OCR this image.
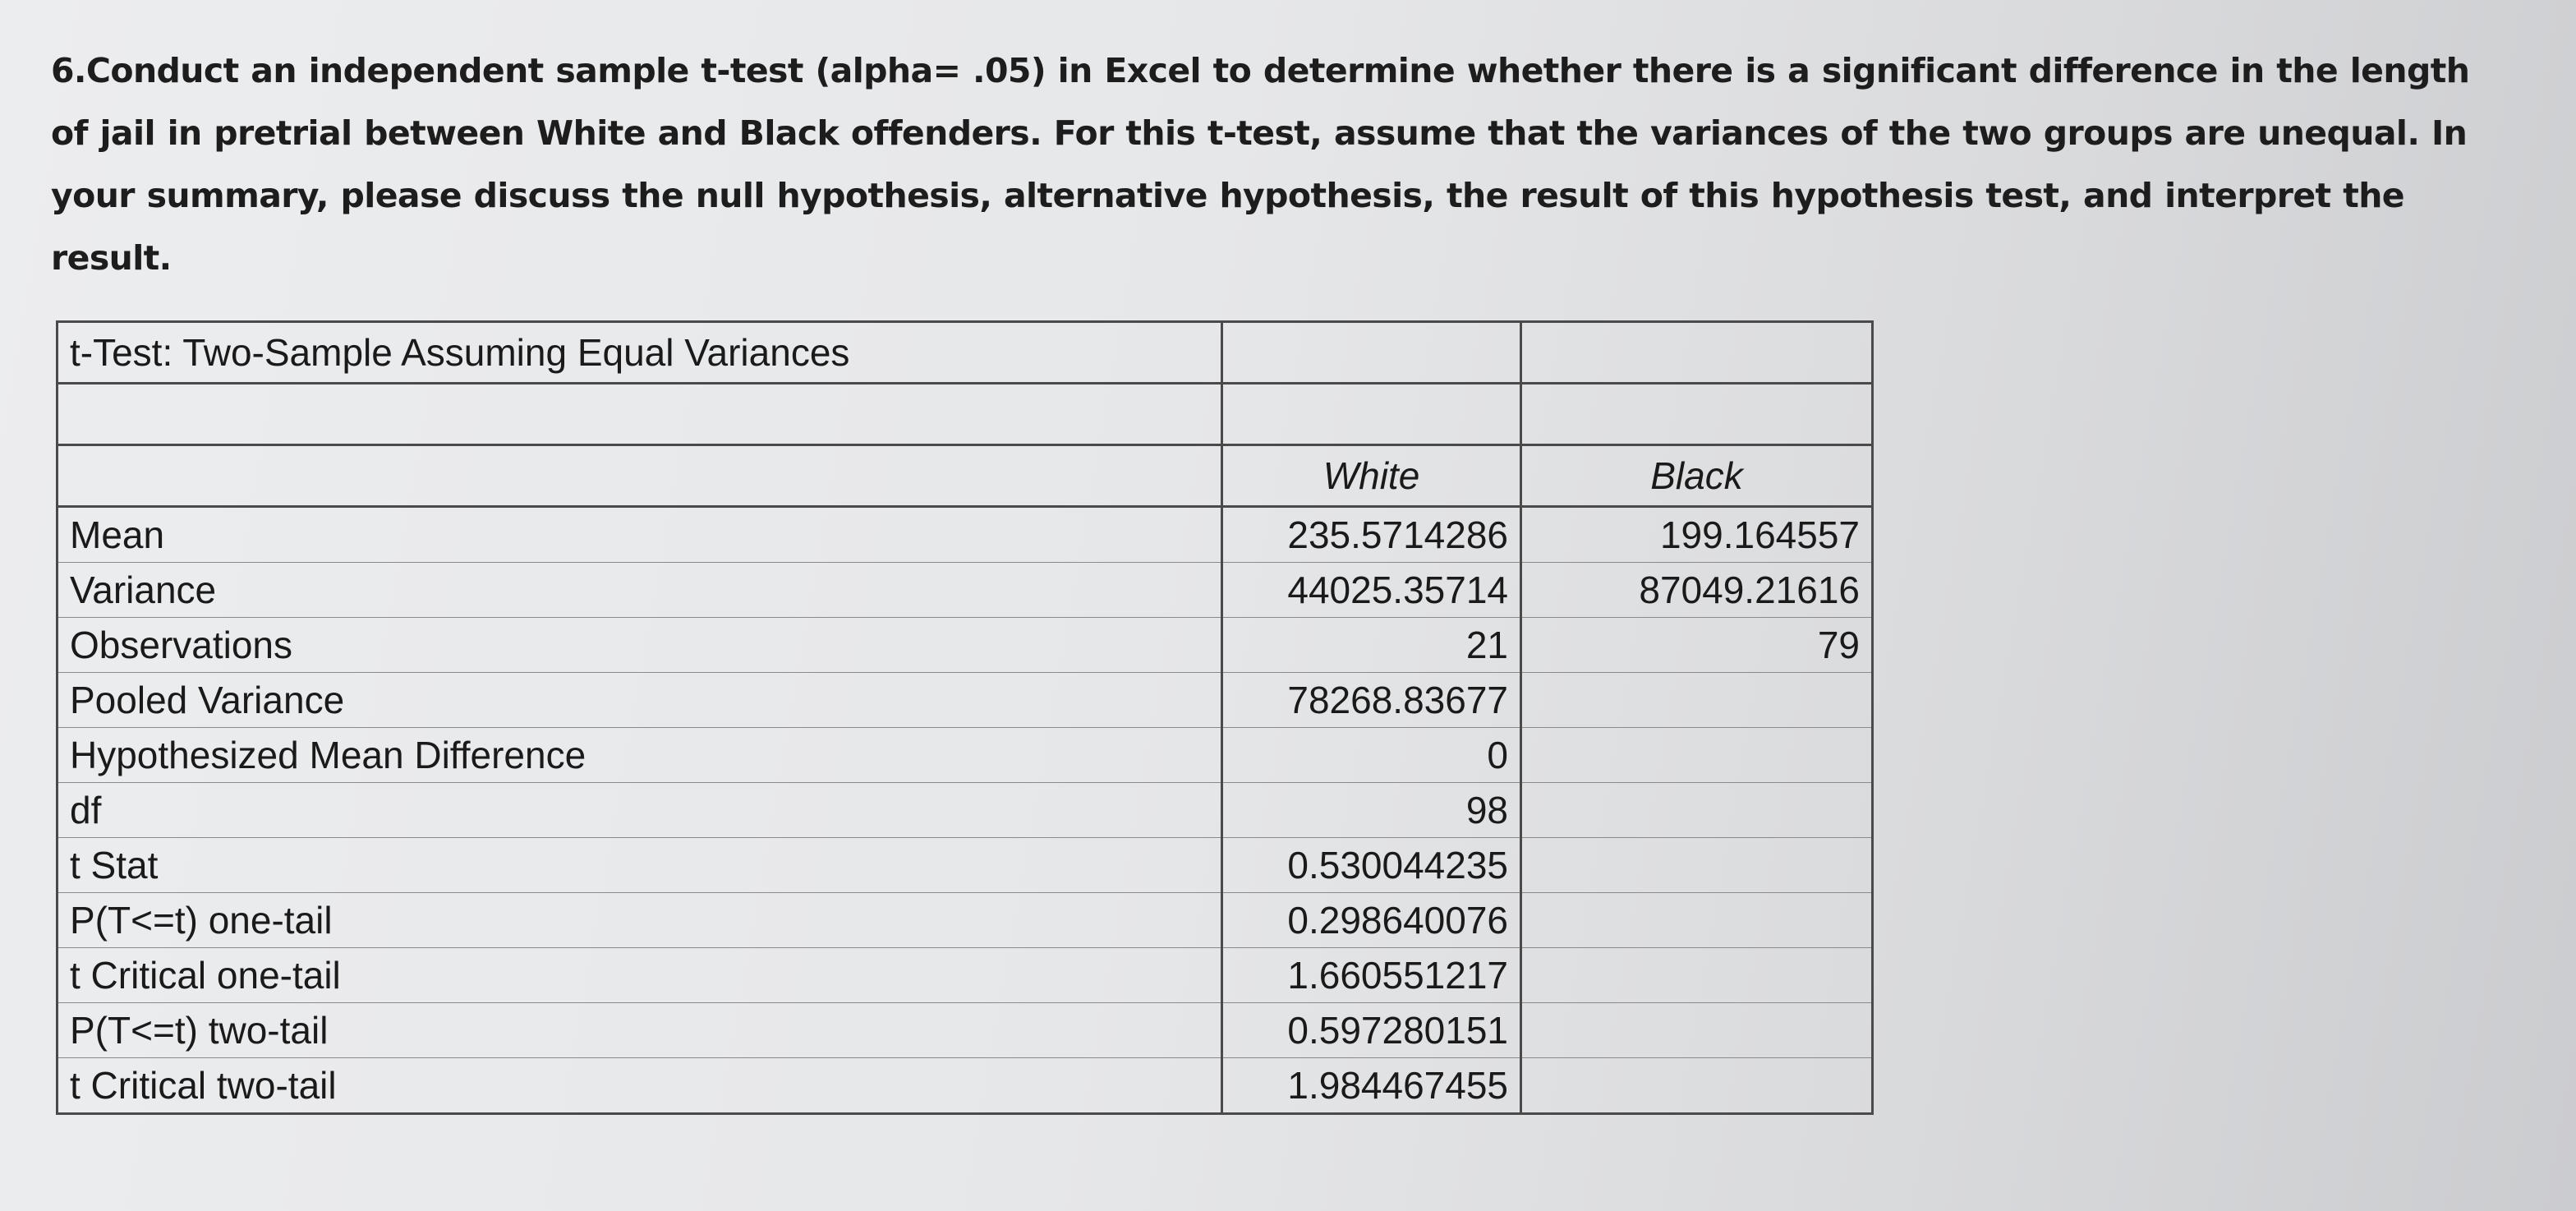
6.Conduct an independent sample t-test (alpha= .05) in Excel to determine whether there is a significant difference in the length of jail in pretrial between White and Black offenders. For this t-test, assume that the variances of the two groups are unequal. In your summary, please discuss the null hypothesis, alternative hypothesis, the result of this hypothesis test, and interpret the result.
t-Test: Two-Sample Assuming Equal Variances		

	White	Black
Mean	235.5714286	199.164557
Variance	44025.35714	87049.21616
Observations	21	79
Pooled Variance	78268.83677	
Hypothesized Mean Difference	0	
df	98	
t Stat	0.530044235	
P(T<=t) one-tail	0.298640076	
t Critical one-tail	1.660551217	
P(T<=t) two-tail	0.597280151	
t Critical two-tail	1.984467455	
